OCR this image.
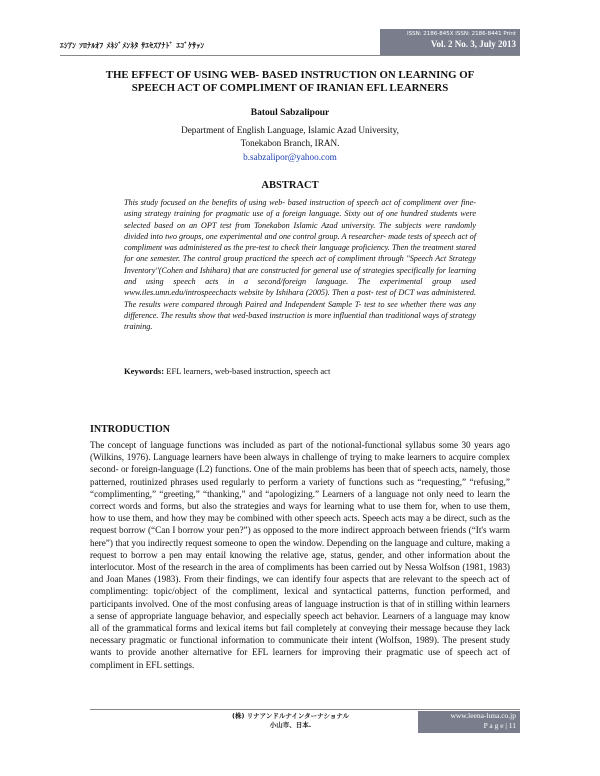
ｴｼｱﾝ ｿﾛﾅﾙｵﾌ ﾒﾈｼﾞﾒﾝﾈﾀ ｻｴｾｽｱﾅﾄﾞ ｴｺﾞｹｻｯﾝ
ISSN: 2186-845X ISSN: 2186-8441 Print
Vol. 2 No. 3, July 2013
THE EFFECT OF USING WEB- BASED INSTRUCTION ON LEARNING OF
SPEECH ACT OF COMPLIMENT OF IRANIAN EFL LEARNERS
Batoul Sabzalipour
Department of English Language, Islamic Azad University,
Tonekabon Branch, IRAN.
b.sabzalipor@yahoo.com
ABSTRACT
This study focused on the benefits of using web- based instruction of speech act of compliment over fine- using strategy training for pragmatic use of a foreign language. Sixty out of one hundred students were selected based on an OPT test from Tonekabon Islamic Azad university. The subjects were randomly divided into two groups, one experimental and one control group. A researcher- made tests of speech act of compliment was administered as the pre-test to check their language proficiency. Then the treatment stared for one semester. The control group practiced the speech act of compliment through "Speech Act Strategy Inventory"(Cohen and Ishihara) that are constructed for general use of strategies specifically for learning and using speech acts in a second/foreign language. The experimental group used www.iles.umn.edu/introspeechacts website by Ishihara (2005). Then a post- test of DCT was administered. The results were compared through Paired and Independent Sample T- test to see whether there was any difference. The results show that wed-based instruction is more influential than traditional ways of strategy training.
Keywords: EFL learners, web-based instruction, speech act
INTRODUCTION
The concept of language functions was included as part of the notional-functional syllabus some 30 years ago (Wilkins, 1976). Language learners have been always in challenge of trying to make learners to acquire complex second- or foreign-language (L2) functions. One of the main problems has been that of speech acts, namely, those patterned, routinized phrases used regularly to perform a variety of functions such as “requesting,” “refusing,” “complimenting,” “greeting,” “thanking,” and “apologizing.” Learners of a language not only need to learn the correct words and forms, but also the strategies and ways for learning what to use them for, when to use them, how to use them, and how they may be combined with other speech acts. Speech acts may a be direct, such as the request borrow (“Can I borrow your pen?”) as opposed to the more indirect approach between friends (“It's warm here”) that you indirectly request someone to open the window. Depending on the language and culture, making a request to borrow a pen may entail knowing the relative age, status, gender, and other information about the interlocutor. Most of the research in the area of compliments has been carried out by Nessa Wolfson (1981, 1983) and Joan Manes (1983). From their findings, we can identify four aspects that are relevant to the speech act of complimenting: topic/object of the compliment, lexical and syntactical patterns, function performed, and participants involved. One of the most confusing areas of language instruction is that of in stilling within learners a sense of appropriate language behavior, and especially speech act behavior. Learners of a language may know all of the grammatical forms and lexical items but fail completely at conveying their message because they lack necessary pragmatic or functional information to communicate their intent (Wolfson, 1989). The present study wants to provide another alternative for EFL learners for improving their pragmatic use of speech act of compliment in EFL settings.
(株) リナアンドルナインターナショナル
小山市、日本.
www.leena-luna.co.jp
P a g e | 11
